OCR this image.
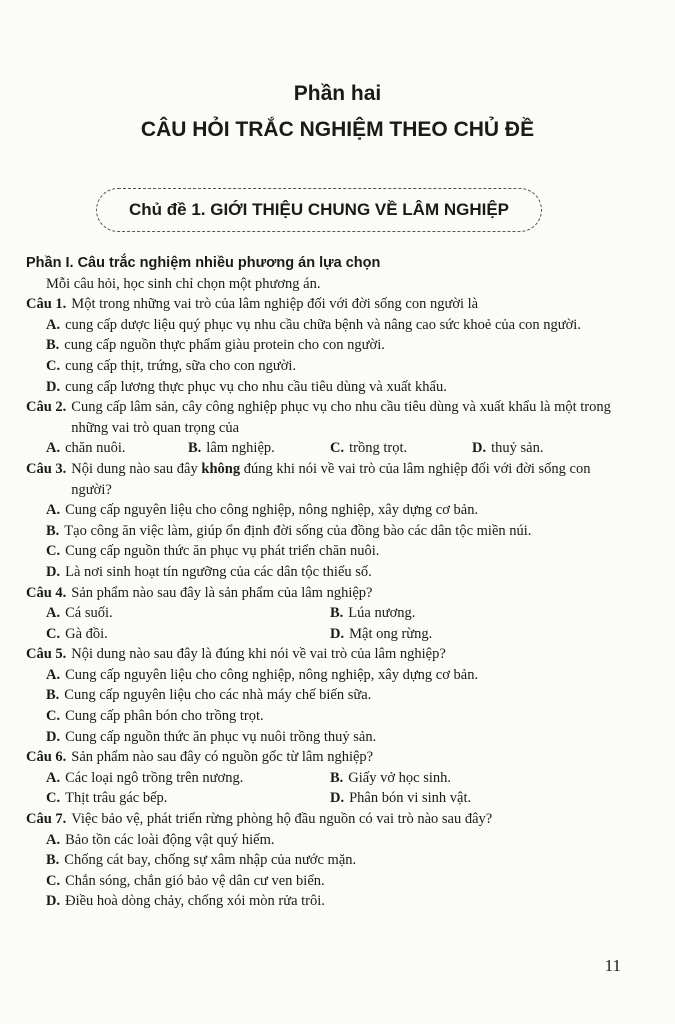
Phần hai
CÂU HỎI TRẮC NGHIỆM THEO CHỦ ĐỀ
Chủ đề 1. GIỚI THIỆU CHUNG VỀ LÂM NGHIỆP
Phần I. Câu trắc nghiệm nhiều phương án lựa chọn
Mỗi câu hỏi, học sinh chỉ chọn một phương án.
Câu 1. Một trong những vai trò của lâm nghiệp đối với đời sống con người là
A. cung cấp dược liệu quý phục vụ nhu cầu chữa bệnh và nâng cao sức khoẻ của con người.
B. cung cấp nguồn thực phẩm giàu protein cho con người.
C. cung cấp thịt, trứng, sữa cho con người.
D. cung cấp lương thực phục vụ cho nhu cầu tiêu dùng và xuất khẩu.
Câu 2. Cung cấp lâm sản, cây công nghiệp phục vụ cho nhu cầu tiêu dùng và xuất khẩu là một trong những vai trò quan trọng của
A. chăn nuôi.	B. lâm nghiệp.	C. trồng trọt.	D. thuỷ sản.
Câu 3. Nội dung nào sau đây không đúng khi nói về vai trò của lâm nghiệp đối với đời sống con người?
A. Cung cấp nguyên liệu cho công nghiệp, nông nghiệp, xây dựng cơ bản.
B. Tạo công ăn việc làm, giúp ổn định đời sống của đồng bào các dân tộc miền núi.
C. Cung cấp nguồn thức ăn phục vụ phát triển chăn nuôi.
D. Là nơi sinh hoạt tín ngưỡng của các dân tộc thiểu số.
Câu 4. Sản phẩm nào sau đây là sản phẩm của lâm nghiệp?
A. Cá suối.	B. Lúa nương.
C. Gà đồi.	D. Mật ong rừng.
Câu 5. Nội dung nào sau đây là đúng khi nói về vai trò của lâm nghiệp?
A. Cung cấp nguyên liệu cho công nghiệp, nông nghiệp, xây dựng cơ bản.
B. Cung cấp nguyên liệu cho các nhà máy chế biến sữa.
C. Cung cấp phân bón cho trồng trọt.
D. Cung cấp nguồn thức ăn phục vụ nuôi trồng thuỷ sản.
Câu 6. Sản phẩm nào sau đây có nguồn gốc từ lâm nghiệp?
A. Các loại ngô trồng trên nương.	B. Giấy vở học sinh.
C. Thịt trâu gác bếp.	D. Phân bón vi sinh vật.
Câu 7. Việc bảo vệ, phát triển rừng phòng hộ đầu nguồn có vai trò nào sau đây?
A. Bảo tồn các loài động vật quý hiếm.
B. Chống cát bay, chống sự xâm nhập của nước mặn.
C. Chắn sóng, chắn gió bảo vệ dân cư ven biển.
D. Điều hoà dòng chảy, chống xói mòn rửa trôi.
11
